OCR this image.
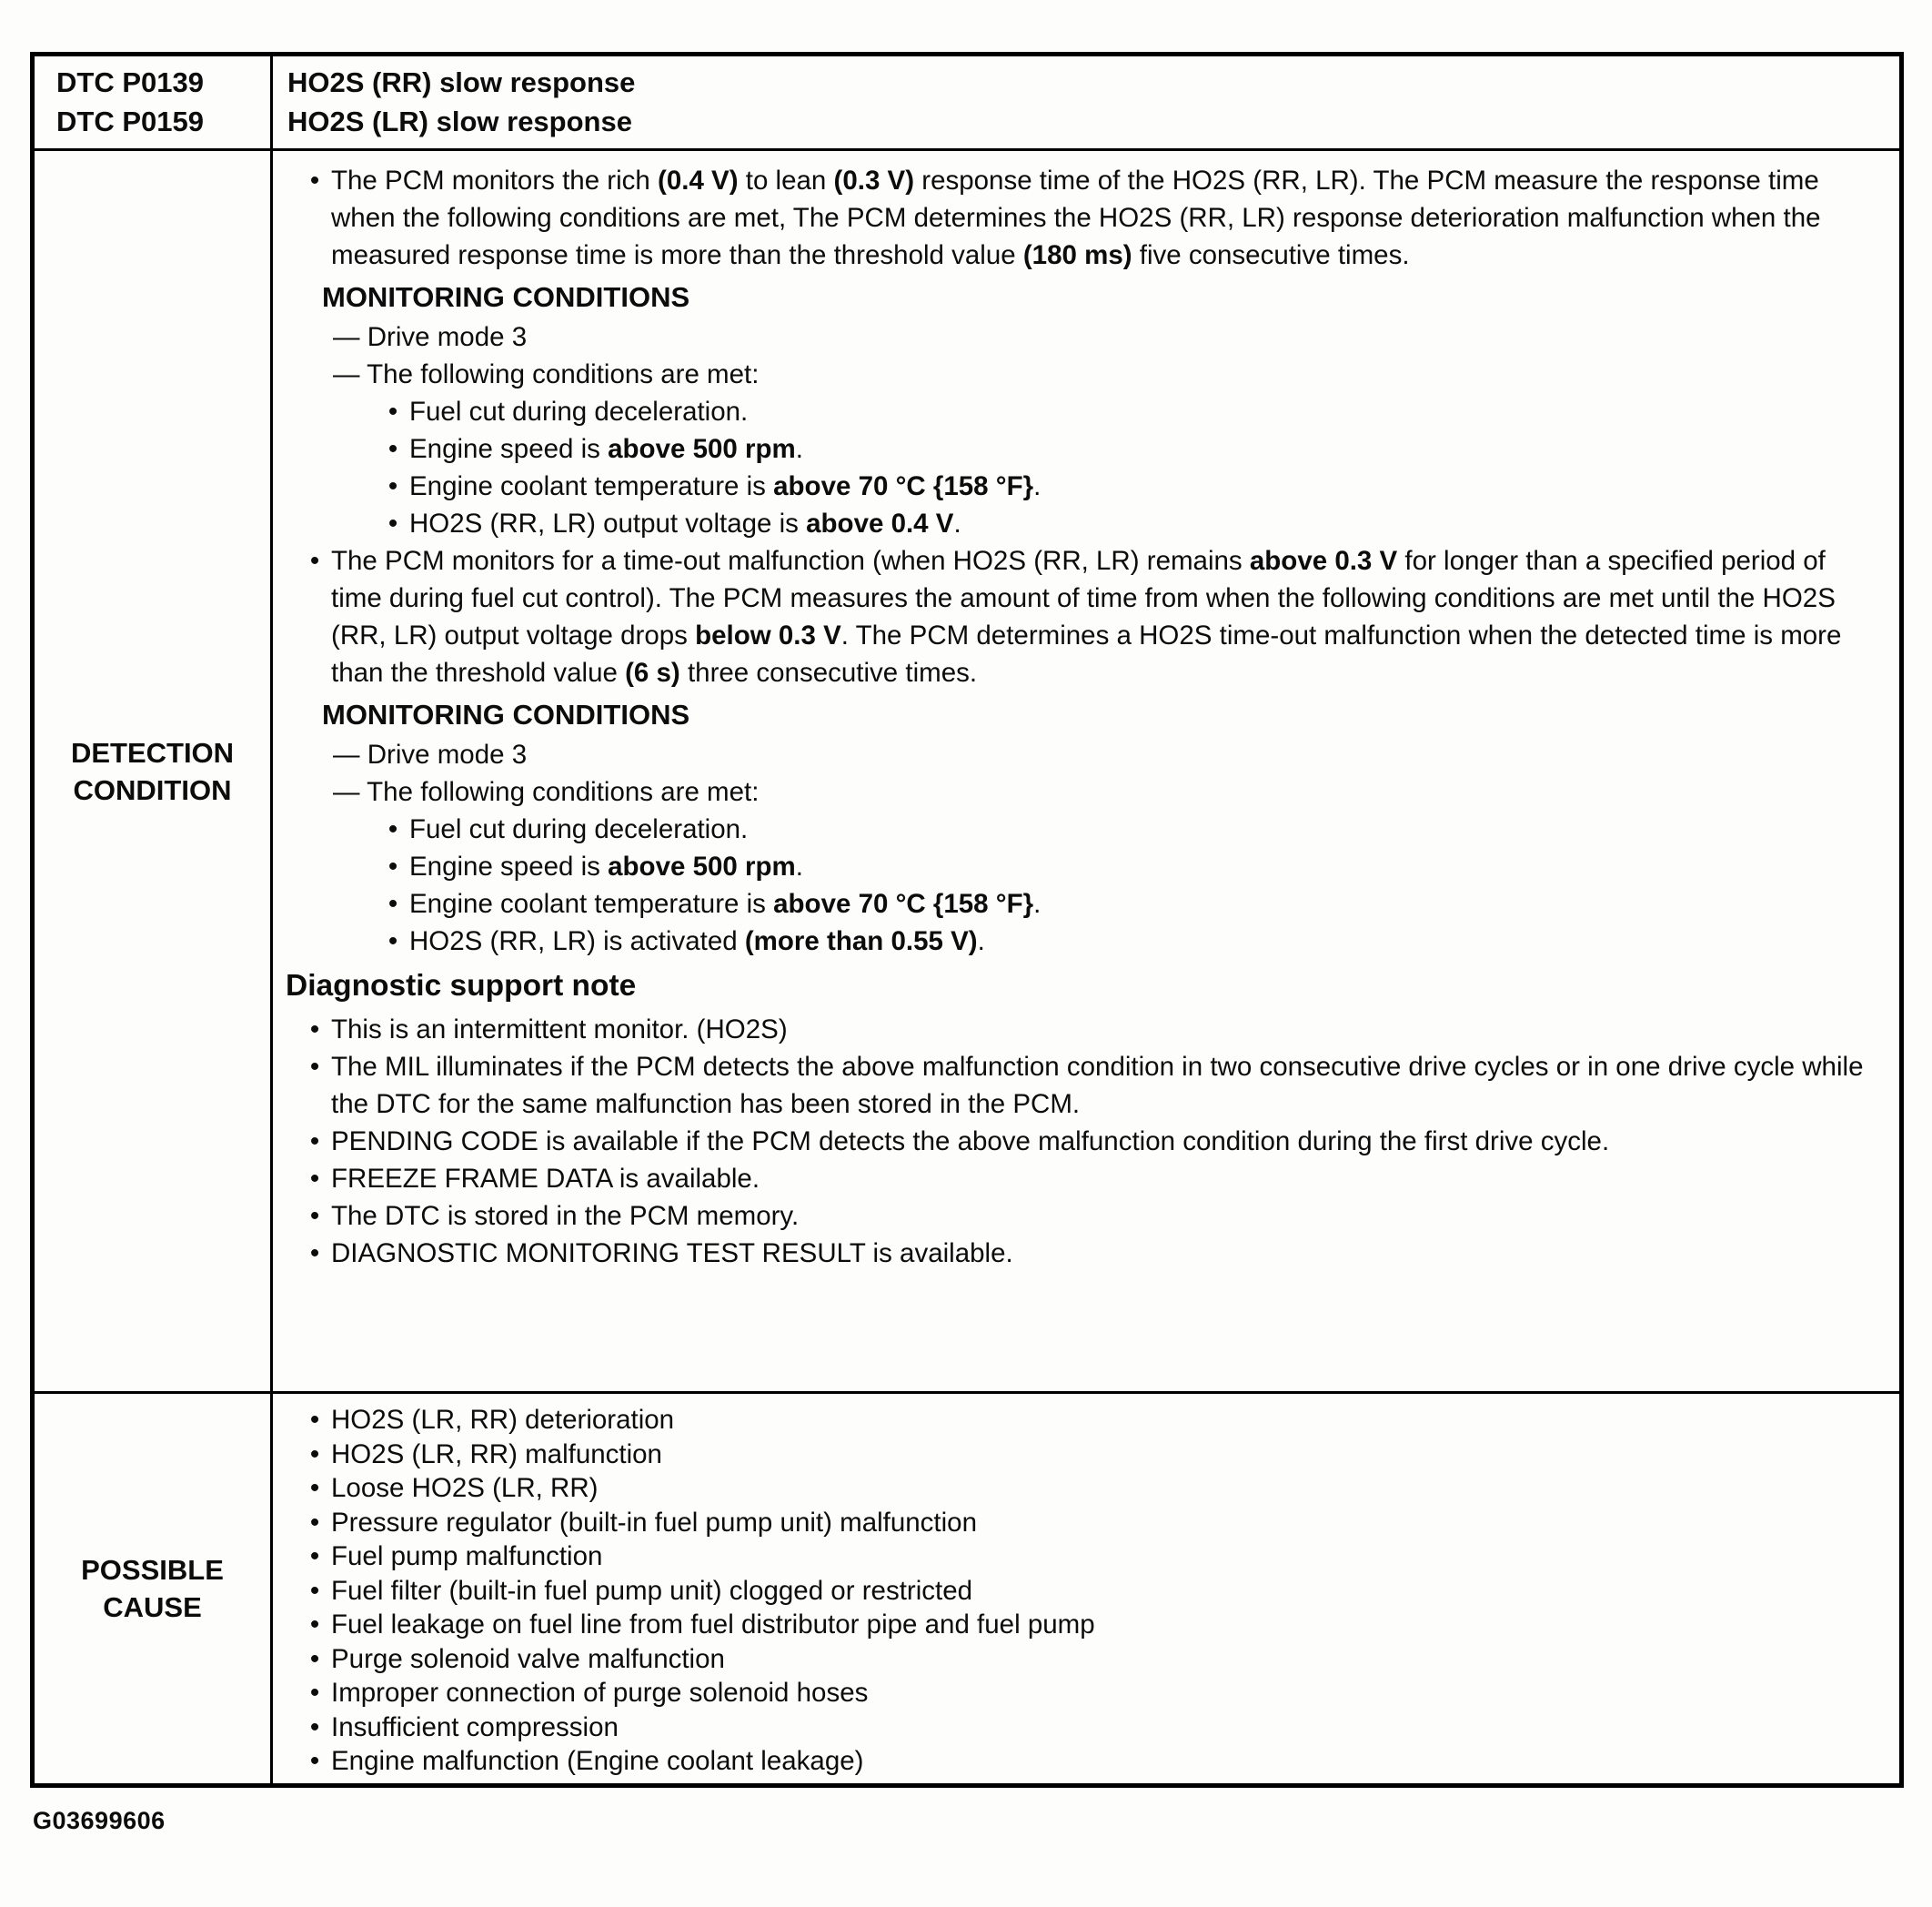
DTC P0139
DTC P0159
HO2S (RR) slow response
HO2S (LR) slow response
DETECTION
CONDITION
• The PCM monitors the rich (0.4 V) to lean (0.3 V) response time of the HO2S (RR, LR). The PCM measure the response time when the following conditions are met, The PCM determines the HO2S (RR, LR) response deterioration malfunction when the measured response time is more than the threshold value (180 ms) five consecutive times.
MONITORING CONDITIONS
— Drive mode 3
— The following conditions are met:
• Fuel cut during deceleration.
• Engine speed is above 500 rpm.
• Engine coolant temperature is above 70 °C {158 °F}.
• HO2S (RR, LR) output voltage is above 0.4 V.
• The PCM monitors for a time-out malfunction (when HO2S (RR, LR) remains above 0.3 V for longer than a specified period of time during fuel cut control). The PCM measures the amount of time from when the following conditions are met until the HO2S (RR, LR) output voltage drops below 0.3 V. The PCM determines a HO2S time-out malfunction when the detected time is more than the threshold value (6 s) three consecutive times.
MONITORING CONDITIONS
— Drive mode 3
— The following conditions are met:
• Fuel cut during deceleration.
• Engine speed is above 500 rpm.
• Engine coolant temperature is above 70 °C {158 °F}.
• HO2S (RR, LR) is activated (more than 0.55 V).
Diagnostic support note
• This is an intermittent monitor. (HO2S)
• The MIL illuminates if the PCM detects the above malfunction condition in two consecutive drive cycles or in one drive cycle while the DTC for the same malfunction has been stored in the PCM.
• PENDING CODE is available if the PCM detects the above malfunction condition during the first drive cycle.
• FREEZE FRAME DATA is available.
• The DTC is stored in the PCM memory.
• DIAGNOSTIC MONITORING TEST RESULT is available.
POSSIBLE
CAUSE
• HO2S (LR, RR) deterioration
• HO2S (LR, RR) malfunction
• Loose HO2S (LR, RR)
• Pressure regulator (built-in fuel pump unit) malfunction
• Fuel pump malfunction
• Fuel filter (built-in fuel pump unit) clogged or restricted
• Fuel leakage on fuel line from fuel distributor pipe and fuel pump
• Purge solenoid valve malfunction
• Improper connection of purge solenoid hoses
• Insufficient compression
• Engine malfunction (Engine coolant leakage)
G03699606
